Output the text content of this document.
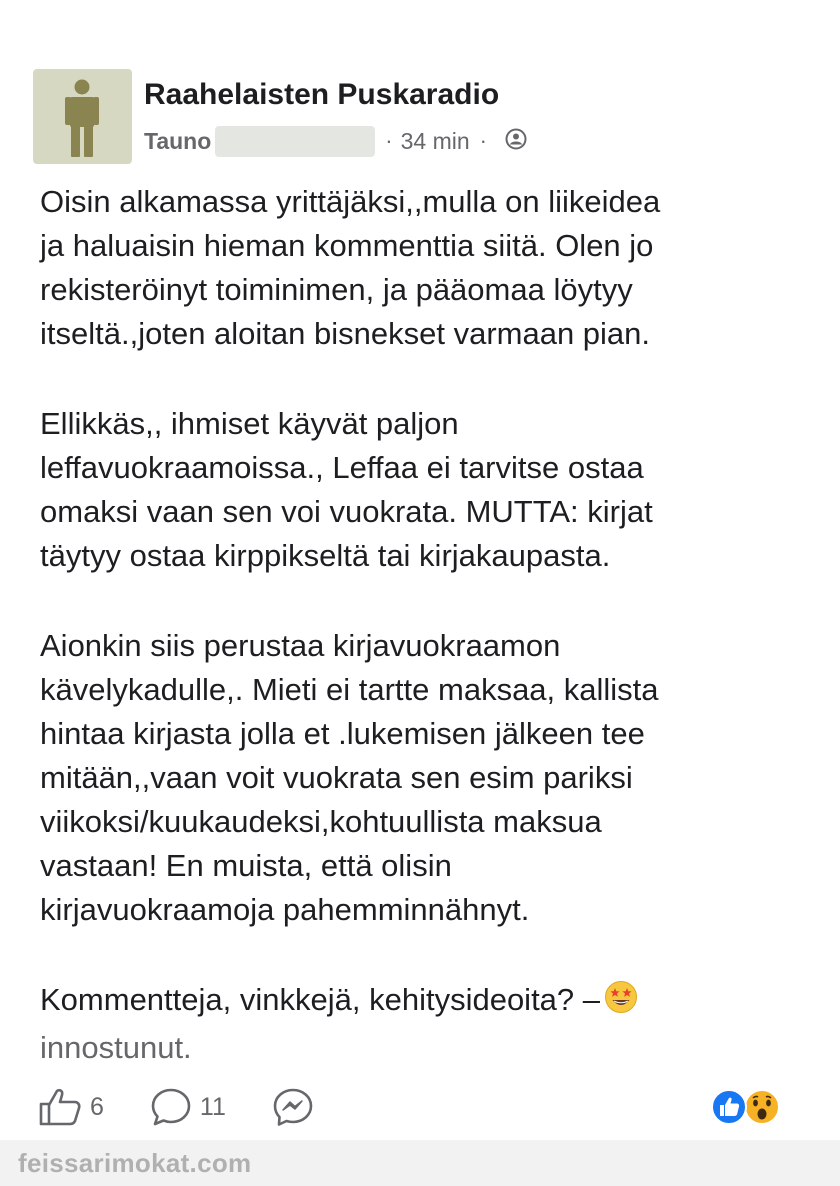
Raahelaisten Puskaradio
Tauno	· 34 min ·

Oisin alkamassa yrittäjäksi,,mulla on liikeidea
ja haluaisin hieman kommenttia siitä. Olen jo
rekisteröinyt toiminimen, ja pääomaa löytyy
itseltä.,joten aloitan bisnekset varmaan pian.

Ellikkäs,, ihmiset käyvät paljon
leffavuokraamoissa., Leffaa ei tarvitse ostaa
omaksi vaan sen voi vuokrata. MUTTA: kirjat
täytyy ostaa kirppikseltä tai kirjakaupasta.

Aionkin siis perustaa kirjavuokraamon
kävelykadulle,. Mieti ei tartte maksaa, kallista
hintaa kirjasta jolla et .lukemisen jälkeen tee
mitään,,vaan voit vuokrata sen esim pariksi
viikoksi/kuukaudeksi,kohtuullista maksua
vastaan! En muista, että olisin
kirjavuokraamoja pahemminnähnyt.

Kommentteja, vinkkejä, kehitysideoita? –
innostunut.

6	11
feissarimokat.com
